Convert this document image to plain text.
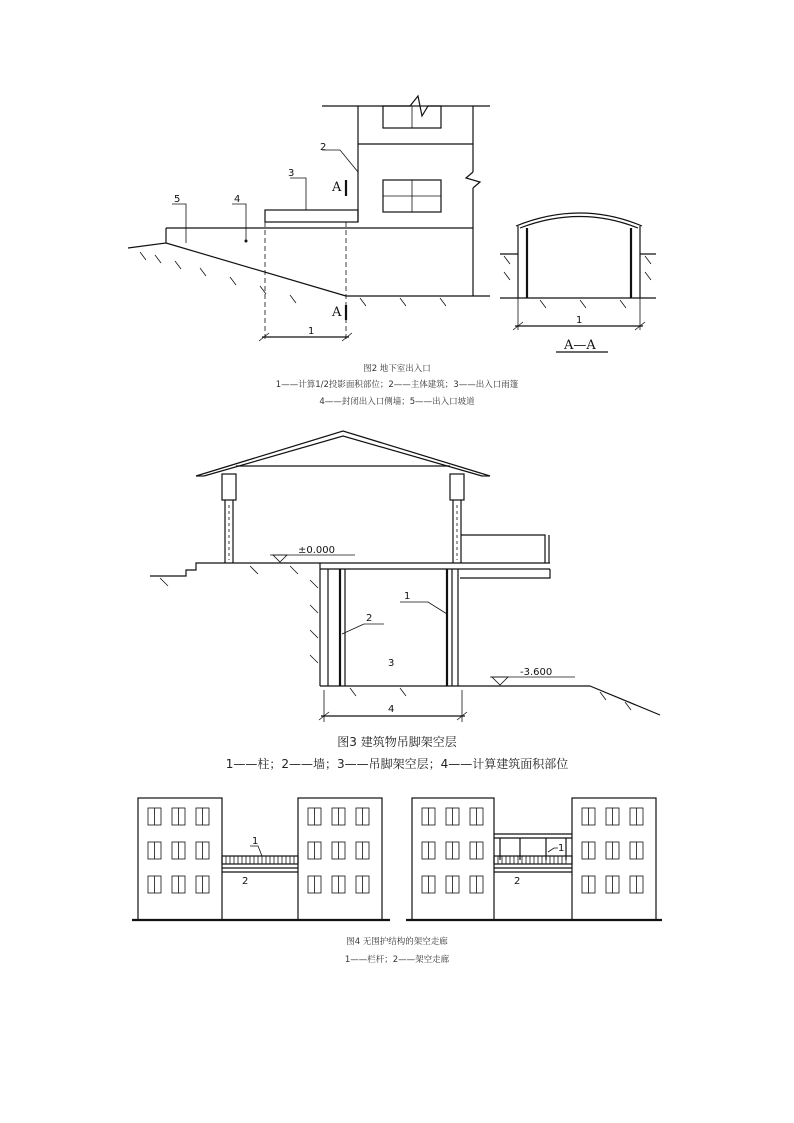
2
3
4
5
1
A
A
1
A—A
±0.000
-3.600
1
2
3
4
1
2
1
2
图2 地下室出入口
1——计算1/2投影面积部位；2——主体建筑；3——出入口雨篷
4——封闭出入口侧墙；5——出入口坡道
图3 建筑物吊脚架空层
1——柱；2——墙；3——吊脚架空层；4——计算建筑面积部位
图4 无围护结构的架空走廊
1——栏杆；2——架空走廊
